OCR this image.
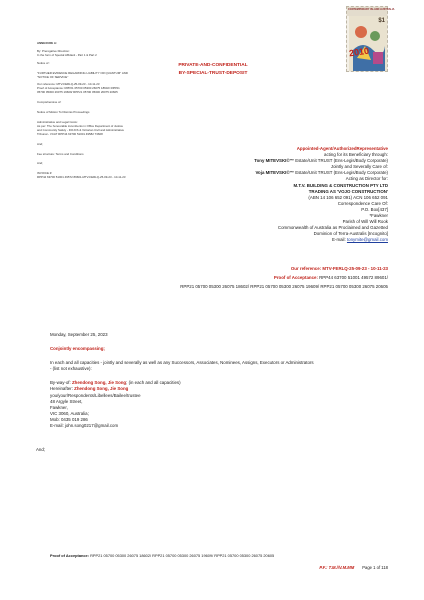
ANNEXURE A:

By: Prerogative Direction:

In the form of Special Affidavit - Part 1 & Part 2

Notice of :

"FURTHER EVIDENCE REGARDING LIABILITY OR QUANTUM" AND

"NOTICE OF SERVICE"

Our reference: MTV-FERLQ-25-09-23 - 10-11-23

Proof of Acceptance: RPP21 05700 05300 26075 18602/ RPP21

05700 05300 26075 19609/ RPP21 05700 05300 26075 20605

Comprehensive of:

Notice of Motion To Dismiss Proceedings

Administrative and Legal Costs:

As per: The honourable incumbents in Office Department of Justice

and Community Safety - DOJCS & Victorian Civil and Administrative

Tribunal - VCAT RPP44 63700 51001 49582 73608

And;

Fee structure: Terms and Conditions

And;

INVOICE #:

RPP44 63700 51001 49572 89601-MTV-FERLQ-25-09-23 - 10-11-23

PRIVATE-AND-CONFIDENTIAL

BY-SPECIAL-TRUST-DEPOSIT

CONTEMPORARY ISLAND AUSTRALIA
$1
2010

Appointed-Agent/AuthorizedRepresentative

acting for its Beneficiary through:

Tony MITEVSKI©™ Estate/Unit TRUST (Ens-Legis/Body Corporate)

Jointly and Severally Care of:

Voja MITEVSKI©™ Estate/Unit TRUST (Ens-Legis/Body Corporate)

Acting as Director for:

M.T.V. BUILDING & CONSTRUCTION PTY LTD

TRADING AS 'VOJO CONSTRUCTION'

(ABN 14 106 652 091) ACN 106 652 091

Correspondence Care Of:

P.O. Box[437]

*Fawkner

Parish of Will Will Rook

Commonwealth of Australia as Proclaimed and Gazetted

Dominion of Terra-Australis [Incognito]

E-mail: tonymite@gmail.com

Our reference: MTV-FERLQ-25-09-23 - 10-11-23

Proof of Acceptance: RPP44 63700 51001 49572 89601/

RPP21 05700 05300 26075 18602/ RPP21 05700 05300 26075 19609/ RPP21 05700 05300 26075 20605

Monday, September 25, 2023

Conjointly encompassing;

In each and all capacities - jointly and severally as well as any Successors, Associates, Nominees, Assigns, Executors or Administrators

- (list not exhaustive):

By-way-of: Zhendong Song, Jie Song; (in each and all capacities)

Hereinafter: Zhendong Song, Jie Song

you/your/Respondents/Libellees/Bailee/trustee

48 Argyle Street,

Fawkner,

VIC 3060, Australia;

Mob: 0435 019 286

E-mail: john.song0217@gmail.com

And;

Proof of Acceptance: RPP21 05700 05300 26075 18602/ RPP21 05700 05300 26075 19609/ RPP21 05700 05300 26075 20605
P.F.: T.M.//V.M.MM Page 1 of 118
